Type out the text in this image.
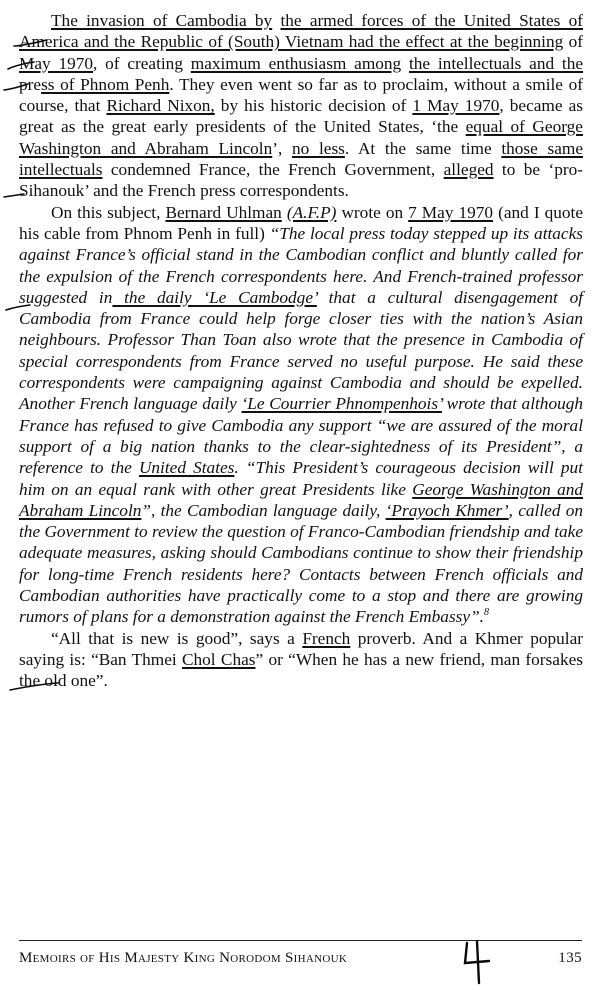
The invasion of Cambodia by the armed forces of the United States of America and the Republic of (South) Vietnam had the effect at the beginning of May 1970, of creating maximum enthusiasm among the intellectuals and the press of Phnom Penh. They even went so far as to proclaim, without a smile of course, that Richard Nixon, by his historic decision of 1 May 1970, became as great as the great early presidents of the United States, ‘the equal of George Washington and Abraham Lincoln’, no less. At the same time those same intellectuals condemned France, the French Government, alleged to be ‘pro-Sihanouk’ and the French press correspondents.

On this subject, Bernard Uhlman (A.F.P) wrote on 7 May 1970 (and I quote his cable from Phnom Penh in full) “The local press today stepped up its attacks against France’s official stand in the Cambodian conflict and bluntly called for the expulsion of the French correspondents here. And French-trained professor suggested in the daily ‘Le Cambodge’ that a cultural disengagement of Cambodia from France could help forge closer ties with the nation’s Asian neighbours. Professor Than Toan also wrote that the presence in Cambodia of special correspondents from France served no useful purpose. He said these correspondents were campaigning against Cambodia and should be expelled. Another French language daily ‘Le Courrier Phnompenhois’ wrote that although France has refused to give Cambodia any support “we are assured of the moral support of a big nation thanks to the clear-sightedness of its President”, a reference to the United States. “This President’s courageous decision will put him on an equal rank with other great Presidents like George Washington and Abraham Lincoln”, the Cambodian language daily, ‘Prayoch Khmer’, called on the Government to review the question of Franco-Cambodian friendship and take adequate measures, asking should Cambodians continue to show their friendship for long-time French residents here? Contacts between French officials and Cambodian authorities have practically come to a stop and there are growing rumors of plans for a demonstration against the French Embassy”.$^8$

“All that is new is good”, says a French proverb. And a Khmer popular saying is: “Ban Thmei Chol Chas” or “When he has a new friend, man forsakes the old one”.

Memoirs of His Majesty King Norodom Sihanouk	135
